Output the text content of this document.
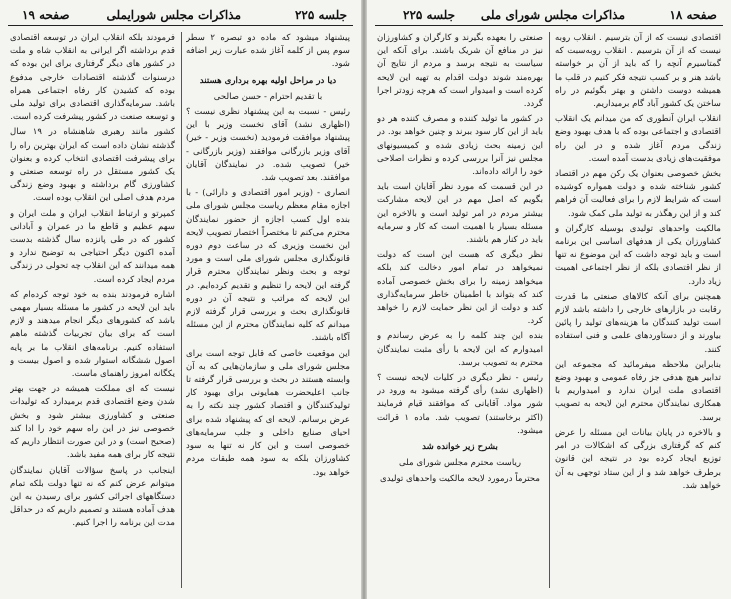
جلسه ۲۲۵
مذاکرات مجلس شورایملی
صفحه ۱۹

پیشنهاد میشود که ماده دو تبصره ۲ سطر سوم پس از کلمه آغاز شده عبارت زیر اضافه شود.

دیا در مراحل اولیه بهره برداری هستند

با تقدیم احترام - حسن صالحی

رئیس - نسبت به این پیشنهاد نظری نیست ؟ (اظهاری نشد) آقای نخست وزیر با این پیشنهاد موافقت فرمودید (نخست وزیر - خیر) آقای وزیر بازرگانی موافقند (وزیر بازرگانی - خیر) تصویب شده. در نمایندگان آقایان موافقند. بعد تصویب شد.

انصاری - (وزیر امور اقتصادی و دارائی) - با اجازه مقام معظم ریاست مجلس شورای ملی بنده اول کسب اجازه از حضور نمایندگان محترم می‌کنم تا مختصراً اختصار تصویب لایحه این نخست وزیری که در ساعت دوم دوره قانونگذاری مجلس شورای ملی است و مورد توجه و بحث ونظر نمایندگان محترم قرار گرفته این لایحه را تنظیم و تقدیم کرده‌ایم. در این لایحه که مراتب و نتیجه آن در دوره قانونگذاری بحث و بررسی قرار گرفته لازم میدانم که کلیه نمایندگان محترم از این مسئله آگاه باشند.

این موقعیت خاصی که قابل توجه است برای مجلس شورای ملی و سازمان‌هایی که به آن وابسته هستند در بحث و بررسی قرار گرفته تا جانب اعلیحضرت همایونی برای بهبود کار تولیدکنندگان و اقتصاد کشور چند نکته را به عرض برسانم. لایحه ای که پیشنهاد شده برای احیای صنایع داخلی و جلب سرمایه‌های خصوصی است و این کار نه تنها به سود کشاورزان بلکه به سود همه طبقات مردم خواهد بود.

فرمودند بلکه انقلاب ایران در توسعه اقتصادی قدم برداشته اگر ایرانی به انقلاب شاه و ملت در کشور های دیگر گرفتاری برای این بوده که درسنوات گذشته اقتصادات خارجی مدفوع بوده که کشیدن کار رفاه اجتماعی همراه باشد. سرمایه‌گذاری اقتصادی برای تولید ملی و توسعه صنعت در کشور پیشرفت کرده است.

کشور مانند رهبری شاهنشاه در ۱۹ سال گذشته نشان داده است که ایران بهترین راه را برای پیشرفت اقتصادی انتخاب کرده و بعنوان یک کشور مستقل در راه توسعه صنعتی و کشاورزی گام برداشته و بهبود وضع زندگی مردم هدف اصلی این انقلاب بوده است.

کمپرتو و ارتباط انقلاب ایران و ملت ایران و سهم عظیم و قاطع ما در عمران و آبادانی کشور که در طی پانزده سال گذشته بدست آمده اکنون دیگر احتیاجی به توضیح ندارد و همه میدانند که این انقلاب چه تحولی در زندگی مردم ایجاد کرده است.

اشاره فرمودند بنده به خود توجه کرده‌ام که باید این لایحه در کشور ما مسئله بسیار مهمی باشد که کشورهای دیگر انجام میدهند و لازم است که برای بیان تجربیات گذشته ماهم استفاده کنیم. برنامه‌های انقلاب ما بر پایه اصول ششگانه استوار شده و اصول بیست و یکگانه امروز راهنمای ماست.

نیست که ای مملکت همیشه در جهت بهتر شدن وضع اقتصادی قدم برمیدارد که تولیدات صنعتی و کشاورزی بیشتر شود و بخش خصوصی نیز در این راه سهم خود را ادا کند (صحیح است) و در این صورت انتظار داریم که نتیجه کار برای همه مفید باشد.

اینجانب در پاسخ سؤالات آقایان نمایندگان میتوانم عرض کنم که نه تنها دولت بلکه تمام دستگاههای اجرائی کشور برای رسیدن به این هدف آماده هستند و تصمیم داریم که در حداقل مدت این برنامه را اجرا کنیم.

صفحه ۱۸
مذاکرات مجلس شورای ملی
جلسه ۲۲۵

اقتصادی نیست که از آن بترسیم . انقلاب روبه نیست که از آن بترسیم . انقلاب روبه‌سبت که گمتاسیرم آنچه را که باید از آن بر خواسته باشد هنر و بر کسب نتیجه فکر کنیم در قلب ما همیشه دوست داشتن و بهتر بگوئیم در راه ساختن یک کشور آباد گام برمیداریم.

انقلاب ایران آنطوری که من میدانم یک انقلاب اقتصادی و اجتماعی بوده که با هدف بهبود وضع زندگی مردم آغاز شده و در این راه موفقیت‌های زیادی بدست آمده است.

بخش خصوصی بعنوان یک رکن مهم در اقتصاد کشور شناخته شده و دولت همواره کوشیده است که شرایط لازم را برای فعالیت آن فراهم کند و از این رهگذر به تولید ملی کمک شود.

مالکیت واحدهای تولیدی بوسیله کارگران و کشاورزان یکی از هدفهای اساسی این برنامه است و باید توجه داشت که این موضوع نه تنها از نظر اقتصادی بلکه از نظر اجتماعی اهمیت زیاد دارد.

همچنین برای آنکه کالاهای صنعتی ما قدرت رقابت در بازارهای خارجی را داشته باشد لازم است تولید کنندگان ما هزینه‌های تولید را پائین بیاورند و از دستاوردهای علمی و فنی استفاده کنند.

بنابراین ملاحظه میفرمائید که مجموعه این تدابیر هیچ هدفی جز رفاه عمومی و بهبود وضع اقتصادی ملت ایران ندارد و امیدواریم با همکاری نمایندگان محترم این لایحه به تصویب برسد.

و بالاخره در پایان بیانات این مسئله را عرض کنم که گرفتاری بزرگی که اشکالات در امر توزیع ایجاد کرده بود در نتیجه این قانون برطرف خواهد شد و از این ستاد توجهی به آن خواهد شد.

صنعتی را بعهده بگیرند و کارگران و کشاورزان نیز در منافع آن شریک باشند. برای آنکه این سیاست به نتیجه برسد و مردم از نتایج آن بهره‌مند شوند دولت اقدام به تهیه این لایحه کرده است و امیدوار است که هرچه زودتر اجرا گردد.

در کشور ما تولید کننده و مصرف کننده هر دو باید از این کار سود ببرند و چنین خواهد بود. در این زمینه بحث زیادی شده و کمیسیونهای مجلس نیز آنرا بررسی کرده و نظرات اصلاحی خود را ارائه داده‌اند.

در این قسمت که مورد نظر آقایان است باید بگویم که اصل مهم در این لایحه مشارکت بیشتر مردم در امر تولید است و بالاخره این مسئله بسیار با اهمیت است که کار و سرمایه باید در کنار هم باشند.

نظر دیگری که هست این است که دولت نمیخواهد در تمام امور دخالت کند بلکه میخواهد زمینه را برای بخش خصوصی آماده کند که بتواند با اطمینان خاطر سرمایه‌گذاری کند و دولت از این نظر حمایت لازم را خواهد کرد.

بنده این چند کلمه را به عرض رساندم و امیدوارم که این لایحه با رأی مثبت نمایندگان محترم به تصویب برسد.

رئیس - نظر دیگری در کلیات لایحه نیست ؟ (اظهاری نشد) رأی گرفته میشود به ورود در شور مواد. آقایانی که موافقند قیام فرمایند (اکثر برخاستند) تصویب شد. ماده ۱ قرائت میشود.

بشرح زیر خوانده شد

ریاست محترم مجلس شورای ملی

محترماً درمورد لایحه مالکیت واحدهای تولیدی
